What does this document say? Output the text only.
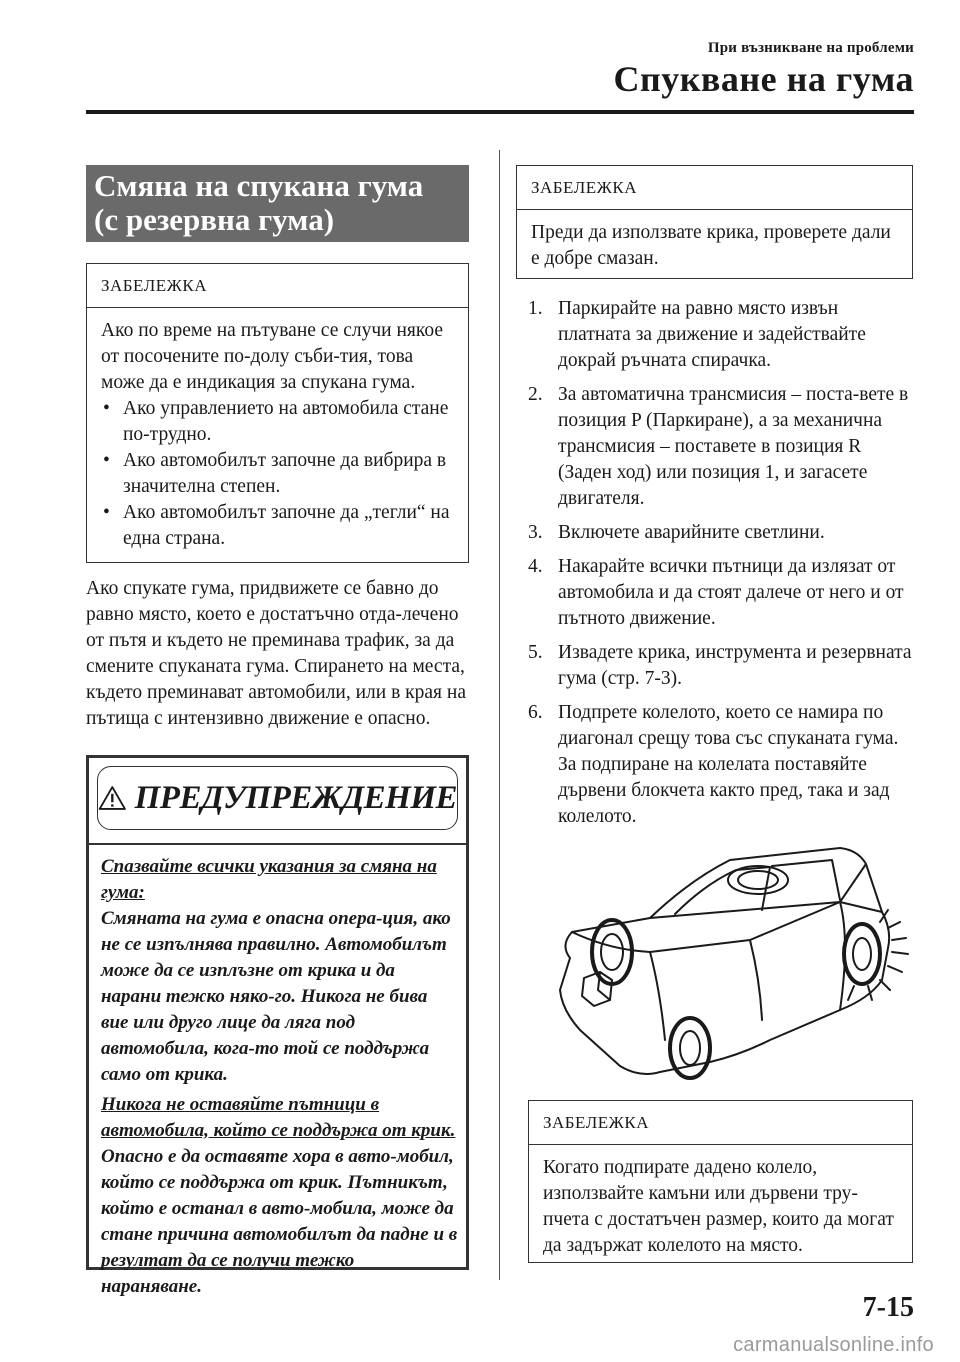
При възникване на проблеми
Спукване на гума
Смяна на спукана гума
(с резервна гума)
ЗАБЕЛЕЖКА
Ако по време на пътуване се случи някое от посочените по-долу съби-тия, това може да е индикация за спукана гума.
• Ако управлението на автомобила стане по-трудно.
• Ако автомобилът започне да вибрира в значителна степен.
• Ако автомобилът започне да „тегли“ на една страна.
Ако спукате гума, придвижете се бавно до равно място, което е достатъчно отда-лечено от пътя и където не преминава трафик, за да смените спуканата гума. Спирането на места, където преминават автомобили, или в края на пътища с интензивно движение е опасно.
ПРЕДУПРЕЖДЕНИЕ
Спазвайте всички указания за смяна на гума:
Смяната на гума е опасна опера-ция, ако не се изпълнява правилно. Автомобилът може да се изплъзне от крика и да нарани тежко няко-го. Никога не бива вие или друго лице да ляга под автомобила, кога-то той се поддържа само от крика.
Никога не оставяйте пътници в автомобила, който се поддържа от крик.
Опасно е да оставяте хора в авто-мобил, който се поддържа от крик. Пътникът, който е останал в авто-мобила, може да стане причина автомобилът да падне и в резултат да се получи тежко нараняване.
ЗАБЕЛЕЖКА
Преди да използвате крика, проверете дали е добре смазан.
1. Паркирайте на равно място извън платната за движение и задействайте докрай ръчната спирачка.
2. За автоматична трансмисия – поста-вете в позиция P (Паркиране), а за механична трансмисия – поставете в позиция R (Заден ход) или позиция 1, и загасете двигателя.
3. Включете аварийните светлини.
4. Накарайте всички пътници да излязат от автомобила и да стоят далече от него и от пътното движение.
5. Извадете крика, инструмента и резервната гума (стр. 7-3).
6. Подпрете колелото, което се намира по диагонал срещу това със спуканата гума. За подпиране на колелата поставяйте дървени блокчета както пред, така и зад колелото.
ЗАБЕЛЕЖКА
Когато подпирате дадено колело, използвайте камъни или дървени тру-пчета с достатъчен размер, които да могат да задържат колелото на място.
7-15
carmanualsonline.info
